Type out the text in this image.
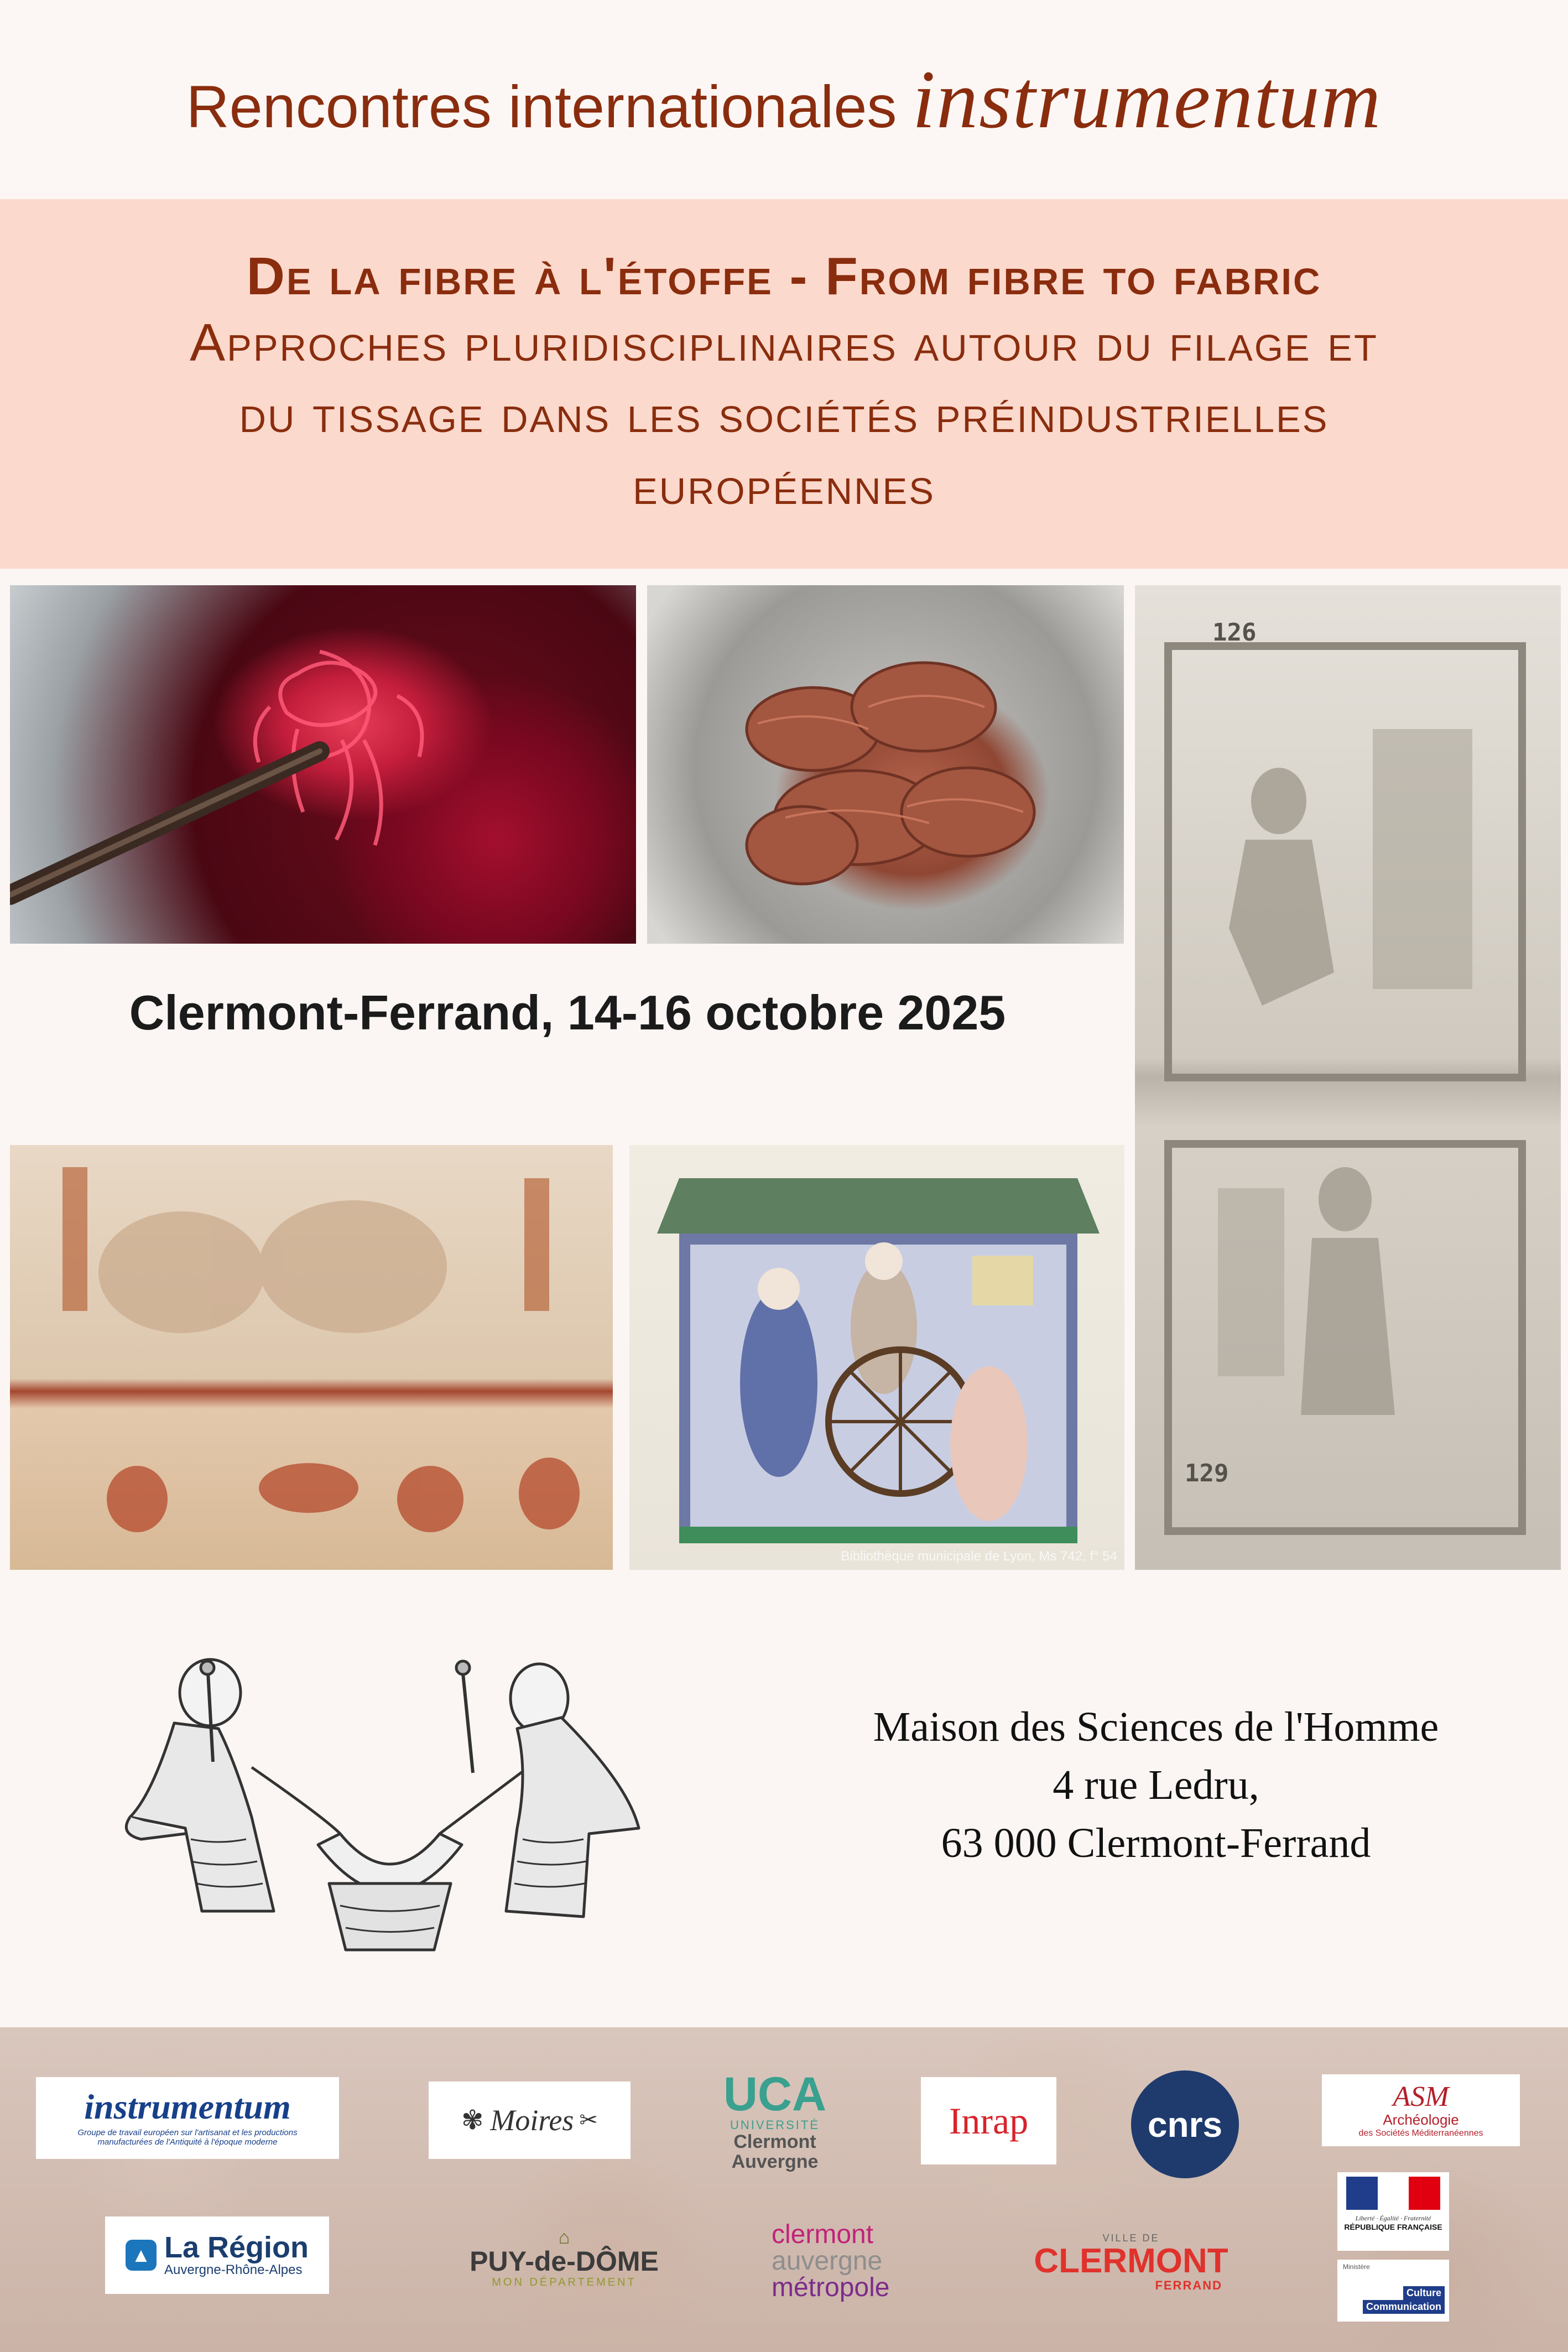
Rencontres internationales instrumentum
De la fibre à l'étoffe - From fibre to fabric
Approches pluridisciplinaires autour du filage et
du tissage dans les sociétés préindustrielles
européennes
126
129
Clermont-Ferrand, 14-16 octobre 2025
Bibliothèque municipale de Lyon, Ms 742, f° 54
Maison des Sciences de l'Homme
4 rue Ledru,
63 000 Clermont-Ferrand
instrumentum
Groupe de travail européen sur l'artisanat et les productions
manufacturées de l'Antiquité à l'époque moderne
✾ Moires ✂	UCA
UNIVERSITÉ
Clermont
Auvergne
Inrap	cnrs
ASM
Archéologie
des Sociétés Méditerranéennes
▲ La Région
Auvergne-Rhône-Alpes
⌂
PUY-de-DÔME
MON DÉPARTEMENT
clermont
auvergne
métropole
VILLE DE
CLERMONT
FERRAND
Liberté · Égalité · Fraternité
RÉPUBLIQUE FRANÇAISE
Ministère
Culture
Communication
